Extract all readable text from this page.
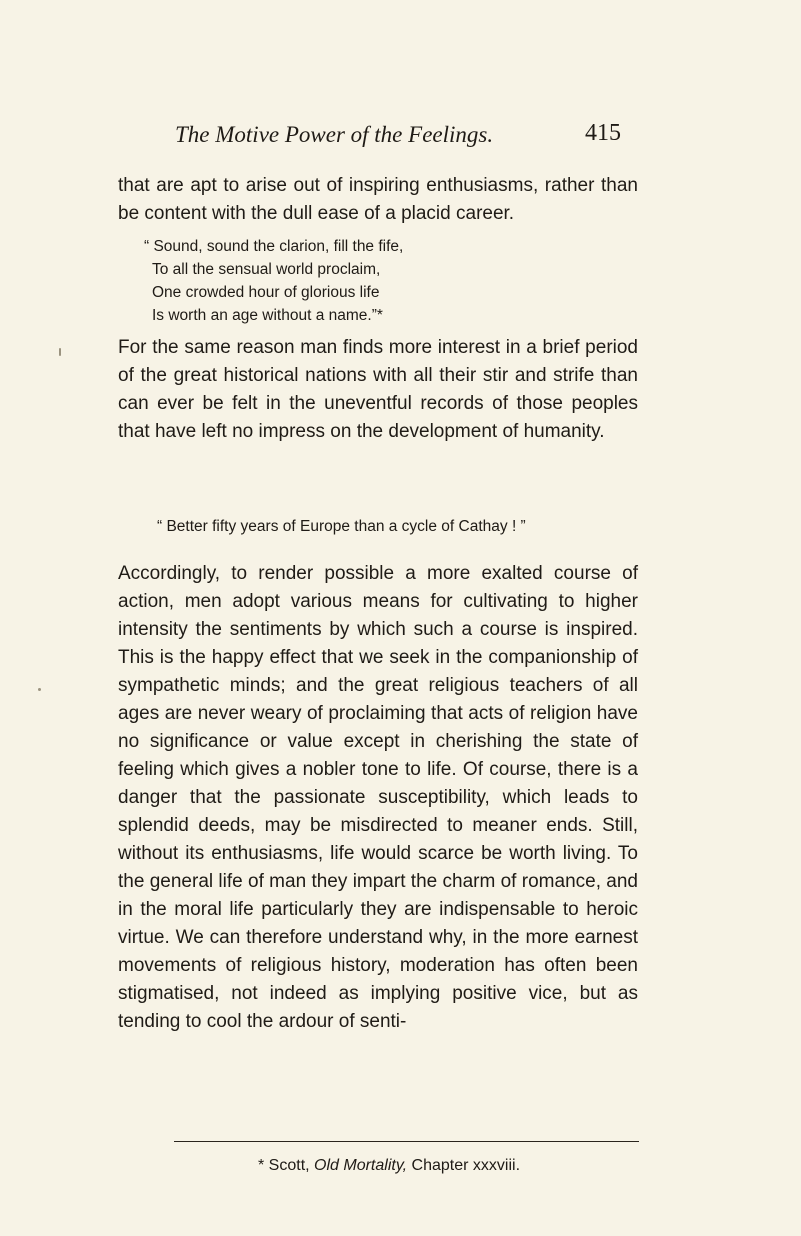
The Motive Power of the Feelings.	415
that are apt to arise out of inspiring enthusiasms, rather than be content with the dull ease of a placid career.
“ Sound, sound the clarion, fill the fife,
To all the sensual world proclaim,
One crowded hour of glorious life
Is worth an age without a name.”*
For the same reason man finds more interest in a brief period of the great historical nations with all their stir and strife than can ever be felt in the uneventful records of those peoples that have left no impress on the development of humanity.
“ Better fifty years of Europe than a cycle of Cathay ! ”
Accordingly, to render possible a more exalted course of action, men adopt various means for cultivating to higher intensity the sentiments by which such a course is inspired. This is the happy effect that we seek in the companionship of sympathetic minds; and the great religious teachers of all ages are never weary of proclaiming that acts of religion have no significance or value except in cherishing the state of feeling which gives a nobler tone to life. Of course, there is a danger that the passionate susceptibility, which leads to splendid deeds, may be misdirected to meaner ends. Still, without its enthusiasms, life would scarce be worth living. To the general life of man they impart the charm of romance, and in the moral life particularly they are indispensable to heroic virtue. We can therefore understand why, in the more earnest movements of religious history, moderation has often been stigmatised, not indeed as implying positive vice, but as tending to cool the ardour of senti-
* Scott, Old Mortality, Chapter xxxviii.
